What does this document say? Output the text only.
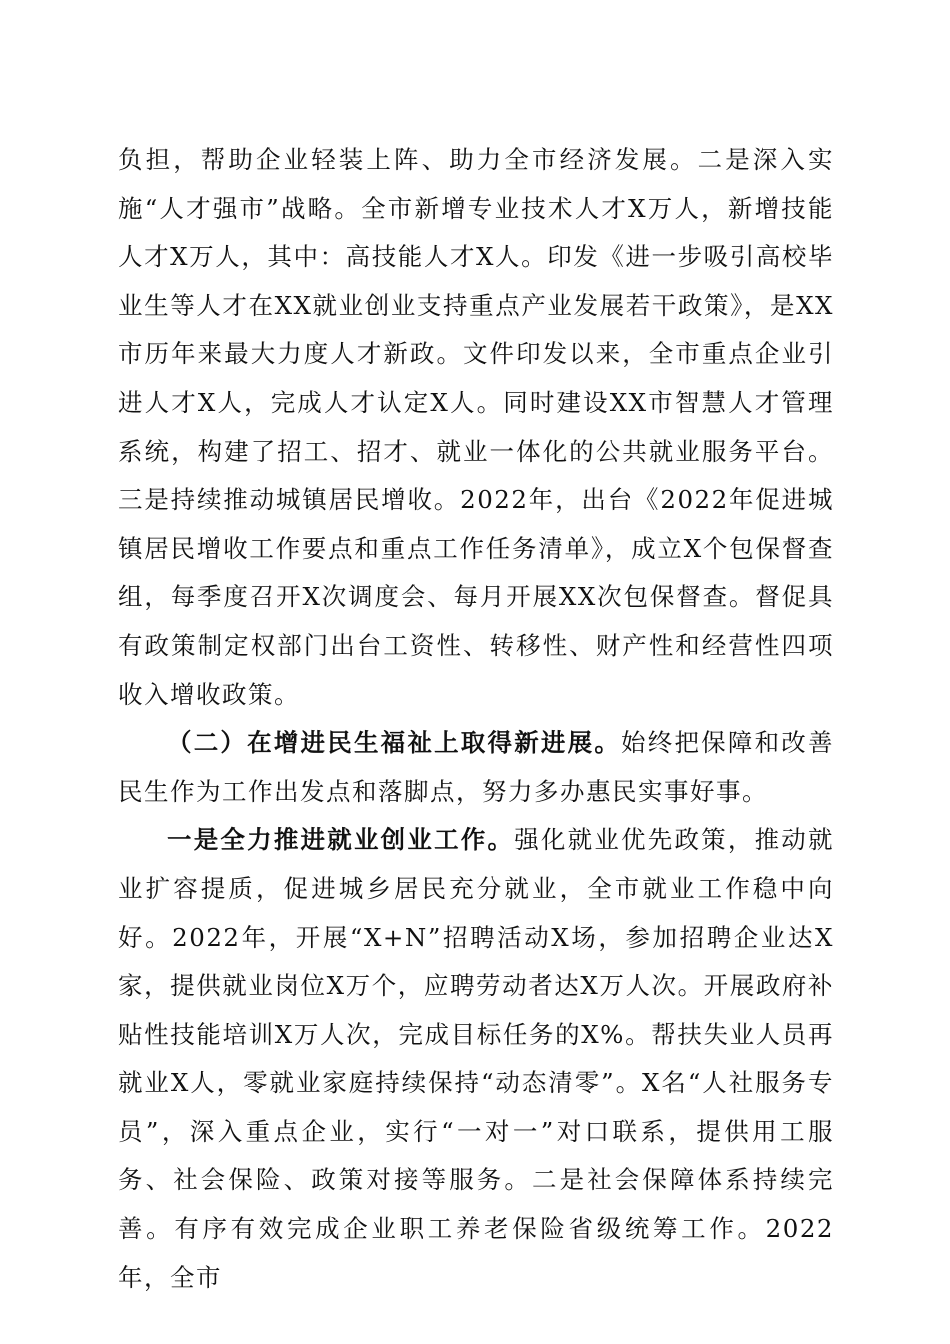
负担，帮助企业轻装上阵、助力全市经济发展。二是深入实施“人才强市”战略。全市新增专业技术人才X万人，新增技能人才X万人，其中：高技能人才X人。印发《进一步吸引高校毕业生等人才在XX就业创业支持重点产业发展若干政策》，是XX市历年来最大力度人才新政。文件印发以来，全市重点企业引进人才X人，完成人才认定X人。同时建设XX市智慧人才管理系统，构建了招工、招才、就业一体化的公共就业服务平台。三是持续推动城镇居民增收。2022年，出台《2022年促进城镇居民增收工作要点和重点工作任务清单》，成立X个包保督查组，每季度召开X次调度会、每月开展XX次包保督查。督促具有政策制定权部门出台工资性、转移性、财产性和经营性四项收入增收政策。

（二）在增进民生福祉上取得新进展。始终把保障和改善民生作为工作出发点和落脚点，努力多办惠民实事好事。

一是全力推进就业创业工作。强化就业优先政策，推动就业扩容提质，促进城乡居民充分就业，全市就业工作稳中向好。2022年，开展“X+N”招聘活动X场，参加招聘企业达X家，提供就业岗位X万个，应聘劳动者达X万人次。开展政府补贴性技能培训X万人次，完成目标任务的X%。帮扶失业人员再就业X人，零就业家庭持续保持“动态清零”。X名“人社服务专员”，深入重点企业，实行“一对一”对口联系，提供用工服务、社会保险、政策对接等服务。二是社会保障体系持续完善。有序有效完成企业职工养老保险省级统筹工作。2022年，全市
